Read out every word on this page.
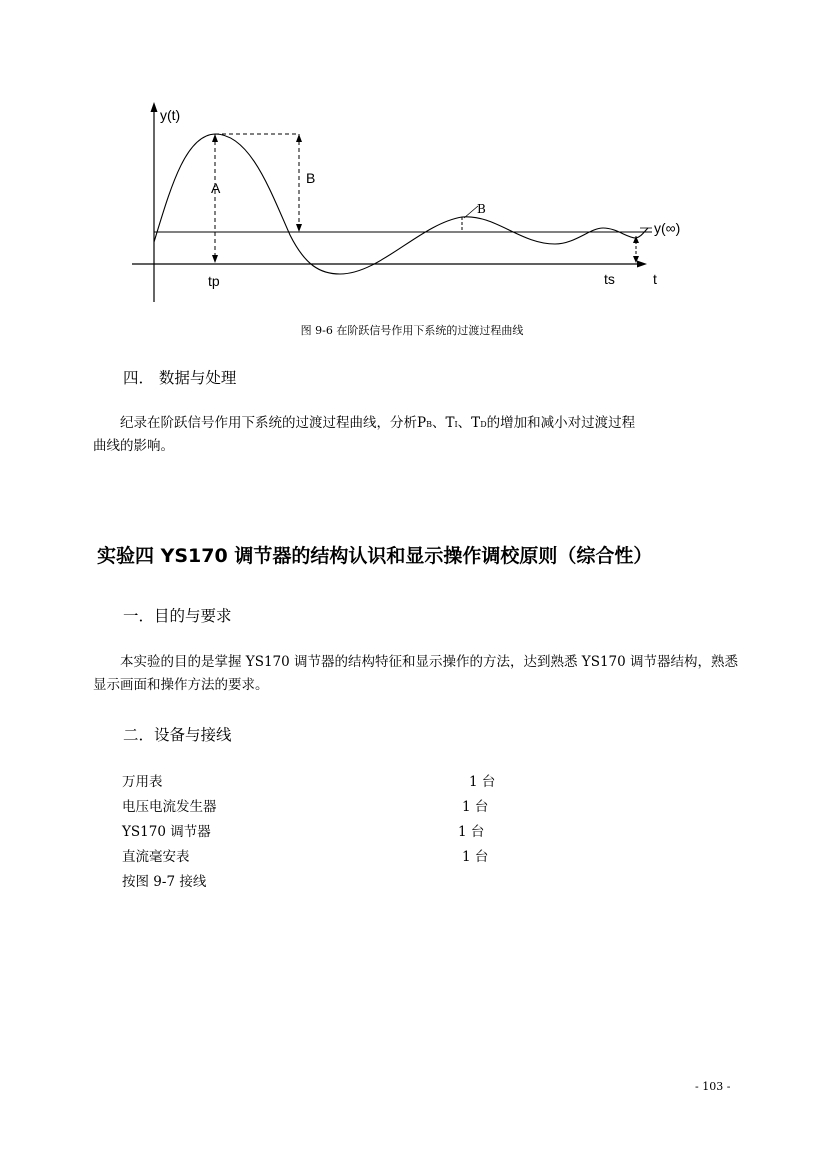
y(t)
t
tp	ts
y(∞)
A
B
B
图 9-6 在阶跃信号作用下系统的过渡过程曲线
四． 数据与处理
纪录在阶跃信号作用下系统的过渡过程曲线，分析PB、TI、TD的增加和减小对过渡过程
曲线的影响。
实验四 YS170 调节器的结构认识和显示操作调校原则（综合性）
一．目的与要求
本实验的目的是掌握 YS170 调节器的结构特征和显示操作的方法，达到熟悉 YS170 调节器结构，熟悉显示画面和操作方法的要求。
二．设备与接线
万用表	1 台
电压电流发生器	1 台
YS170 调节器	1 台
直流毫安表	1 台
按图 9-7 接线
- 103 -
